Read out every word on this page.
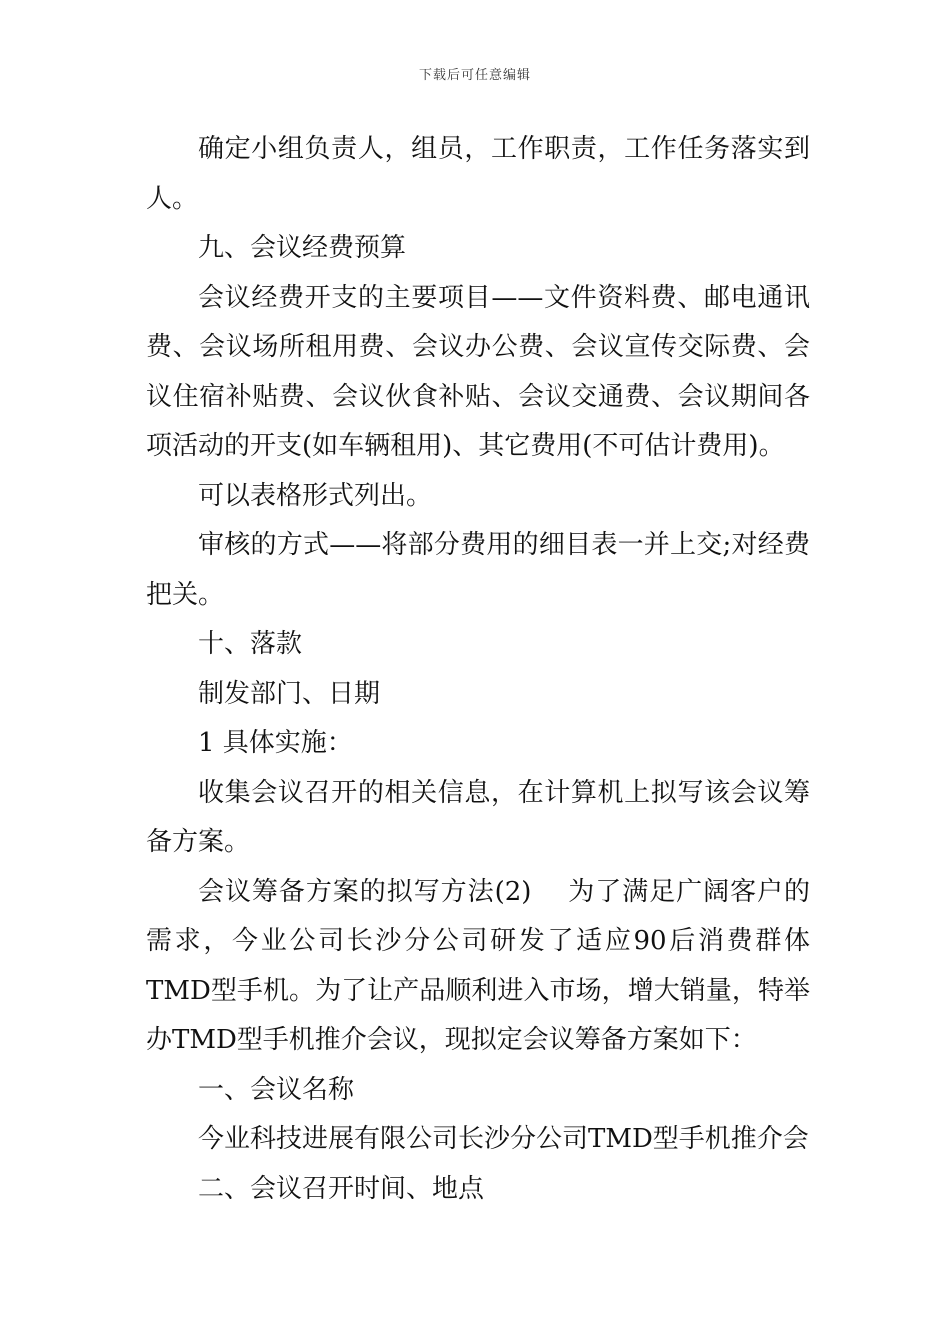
下载后可任意编辑

确定小组负责人，组员，工作职责，工作任务落实到人。

九、会议经费预算

会议经费开支的主要项目——文件资料费、邮电通讯费、会议场所租用费、会议办公费、会议宣传交际费、会议住宿补贴费、会议伙食补贴、会议交通费、会议期间各项活动的开支(如车辆租用)、其它费用(不可估计费用)。

可以表格形式列出。

审核的方式——将部分费用的细目表一并上交;对经费把关。

十、落款

制发部门、日期

1 具体实施：

收集会议召开的相关信息，在计算机上拟写该会议筹备方案。

会议筹备方案的拟写方法(2)    为了满足广阔客户的需求，今业公司长沙分公司研发了适应90后消费群体TMD型手机。为了让产品顺利进入市场，增大销量，特举办TMD型手机推介会议，现拟定会议筹备方案如下：

一、会议名称

今业科技进展有限公司长沙分公司TMD型手机推介会

二、会议召开时间、地点
